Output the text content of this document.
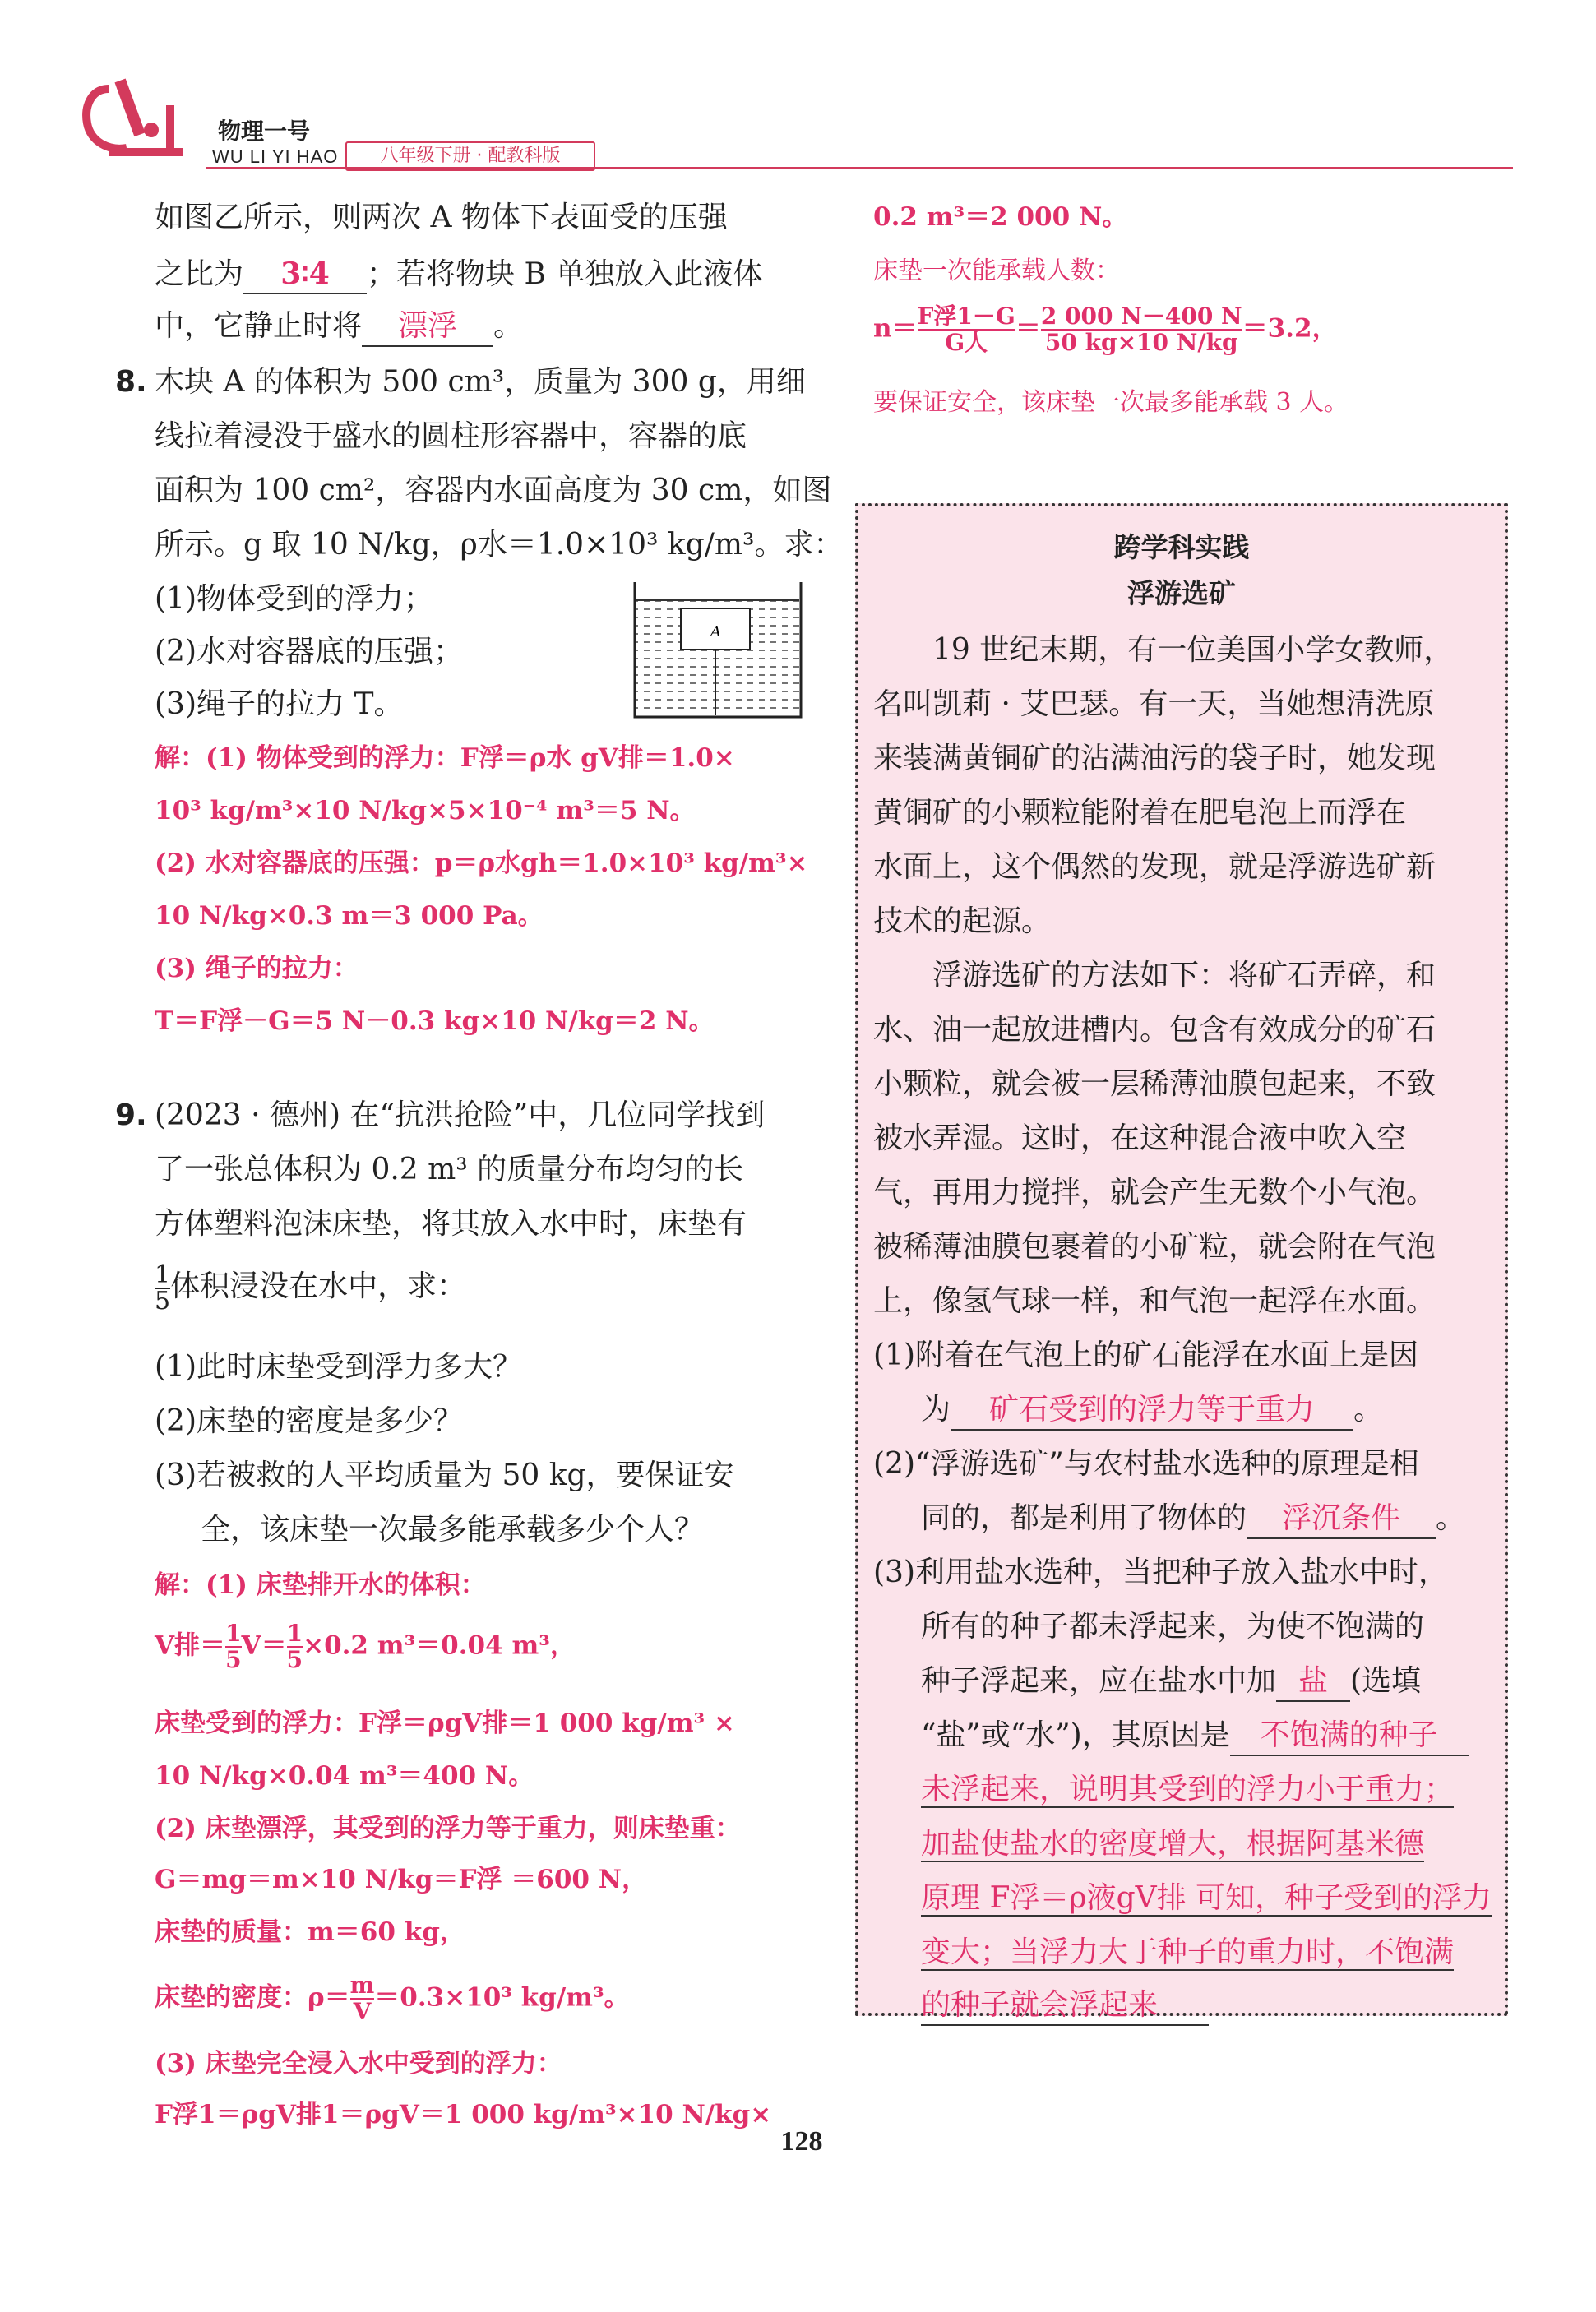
物理一号
WU LI YI HAO	八年级下册 · 配教科版
如图乙所示，则两次 A 物体下表面受的压强
之比为 3∶4 ；若将物块 B 单独放入此液体
中，它静止时将 漂浮 。
8. 木块 A 的体积为 500 cm³，质量为 300 g，用细
线拉着浸没于盛水的圆柱形容器中，容器的底
面积为 100 cm²，容器内水面高度为 30 cm，如图
所示。g 取 10 N/kg，ρ水＝1.0×10³ kg/m³。求：
(1)物体受到的浮力；
(2)水对容器底的压强；
(3)绳子的拉力 T。
A
解：(1) 物体受到的浮力：F浮＝ρ水 gV排＝1.0×
10³ kg/m³×10 N/kg×5×10⁻⁴ m³＝5 N。
(2) 水对容器底的压强：p＝ρ水gh＝1.0×10³ kg/m³×
10 N/kg×0.3 m＝3 000 Pa。
(3) 绳子的拉力：
T＝F浮－G＝5 N－0.3 kg×10 N/kg＝2 N。
9. (2023 · 德州) 在“抗洪抢险”中，几位同学找到
了一张总体积为 0.2 m³ 的质量分布均匀的长
方体塑料泡沫床垫，将其放入水中时，床垫有
$\frac{1}{5}$ 体积浸没在水中，求：
(1)此时床垫受到浮力多大？
(2)床垫的密度是多少？
(3)若被救的人平均质量为 50 kg，要保证安
全，该床垫一次最多能承载多少个人？
解：(1) 床垫排开水的体积：
V排＝ $\frac{1}{5} V= \frac{1}{5} \times 0.2$ m³＝0.04 m³，
床垫受到的浮力：F浮＝ρgV排＝1 000 kg/m³ ×
10 N/kg×0.04 m³＝400 N。
(2) 床垫漂浮，其受到的浮力等于重力，则床垫重：
G＝mg＝m×10 N/kg＝F浮 ＝600 N，
床垫的质量：m＝60 kg，
床垫的密度：$\rho= \frac{m}{V} =0.3\times 10^3$ kg/m³。
(3) 床垫完全浸入水中受到的浮力：
F浮1＝ρgV排1＝ρgV＝1 000 kg/m³×10 N/kg×
0.2 m³＝2 000 N。
床垫一次能承载人数：
$n= \frac{\text{F浮1－G}}{\text{G人}} = \frac{2 000 N-400 N}{50 kg\times 10 N/kg} =3.2$，
要保证安全，该床垫一次最多能承载 3 人。
跨学科实践
浮游选矿
19 世纪末期，有一位美国小学女教师，
名叫凯莉 · 艾巴瑟。有一天，当她想清洗原
来装满黄铜矿的沾满油污的袋子时，她发现
黄铜矿的小颗粒能附着在肥皂泡上而浮在
水面上，这个偶然的发现，就是浮游选矿新
技术的起源。
浮游选矿的方法如下：将矿石弄碎，和
水、油一起放进槽内。包含有效成分的矿石
小颗粒，就会被一层稀薄油膜包起来，不致
被水弄湿。这时，在这种混合液中吹入空
气，再用力搅拌，就会产生无数个小气泡。
被稀薄油膜包裹着的小矿粒，就会附在气泡
上，像氢气球一样，和气泡一起浮在水面。
(1)附着在气泡上的矿石能浮在水面上是因
为 矿石受到的浮力等于重力 。
(2)“浮游选矿”与农村盐水选种的原理是相
同的，都是利用了物体的 浮沉条件 。
(3)利用盐水选种，当把种子放入盐水中时，
所有的种子都未浮起来，为使不饱满的
种子浮起来，应在盐水中加 盐 (选填
“盐”或“水”)，其原因是 不饱满的种子
未浮起来，说明其受到的浮力小于重力；
加盐使盐水的密度增大，根据阿基米德
原理 F浮＝ρ液gV排 可知，种子受到的浮力
变大；当浮力大于种子的重力时，不饱满
的种子就会浮起来
128
